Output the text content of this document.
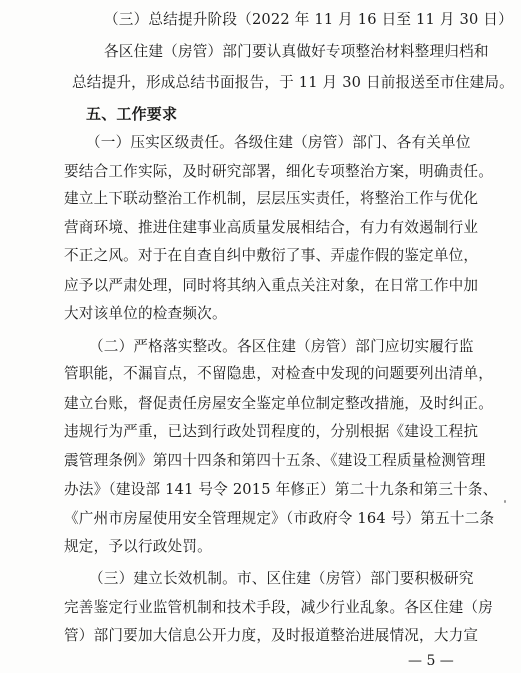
（三）总结提升阶段（2022 年 11 月 16 日至 11 月 30 日）
各区住建（房管）部门要认真做好专项整治材料整理归档和
总结提升，形成总结书面报告，于 11 月 30 日前报送至市住建局。
五、工作要求
（一）压实区级责任。各级住建（房管）部门、各有关单位
要结合工作实际，及时研究部署，细化专项整治方案，明确责任。
建立上下联动整治工作机制，层层压实责任，将整治工作与优化
营商环境、推进住建事业高质量发展相结合，有力有效遏制行业
不正之风。对于在自查自纠中敷衍了事、弄虚作假的鉴定单位，
应予以严肃处理，同时将其纳入重点关注对象，在日常工作中加
大对该单位的检查频次。
（二）严格落实整改。各区住建（房管）部门应切实履行监
管职能，不漏盲点，不留隐患，对检查中发现的问题要列出清单，
建立台账，督促责任房屋安全鉴定单位制定整改措施，及时纠正。
违规行为严重，已达到行政处罚程度的，分别根据《建设工程抗
震管理条例》第四十四条和第四十五条、《建设工程质量检测管理
办法》（建设部 141 号令 2015 年修正）第二十九条和第三十条、
《广州市房屋使用安全管理规定》（市政府令 164 号）第五十二条
规定，予以行政处罚。
（三）建立长效机制。市、区住建（房管）部门要积极研究
完善鉴定行业监管机制和技术手段，减少行业乱象。各区住建（房
管）部门要加大信息公开力度，及时报道整治进展情况，大力宣
— 5 —
